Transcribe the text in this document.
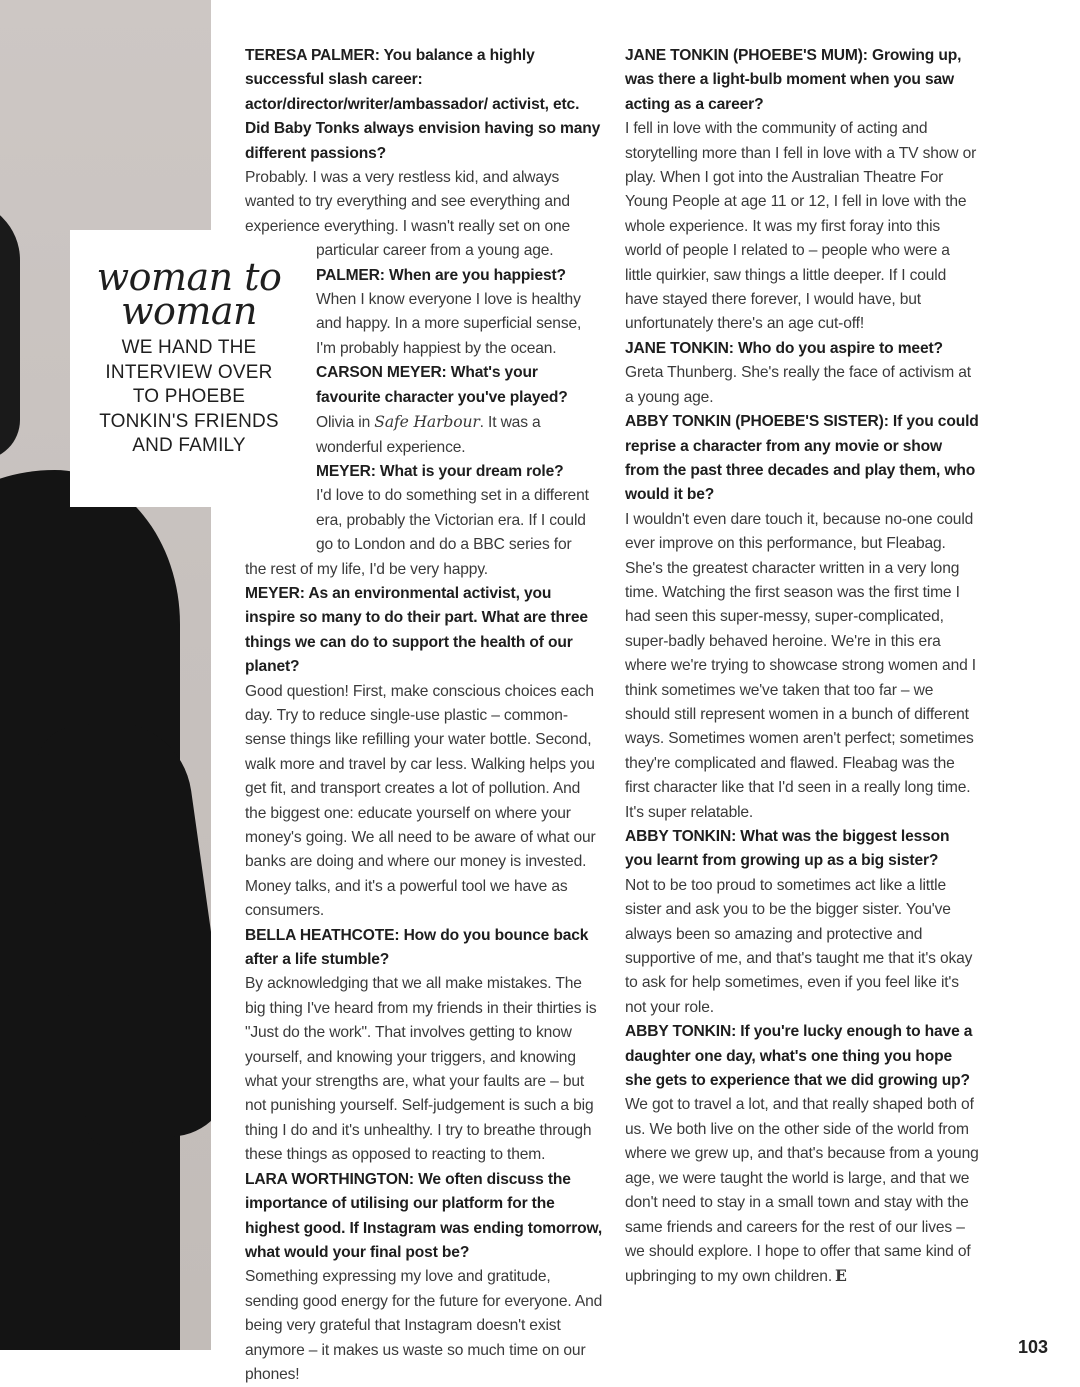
woman to woman

WE HAND THE INTERVIEW OVER TO PHOEBE TONKIN'S FRIENDS AND FAMILY

TERESA PALMER: You balance a highly successful slash career: actor/director/writer/ambassador/ activist, etc. Did Baby Tonks always envision having so many different passions?

Probably. I was a very restless kid, and always wanted to try everything and see everything and experience everything. I wasn't really set on one

particular career from a young age.

PALMER: When are you happiest?

When I know everyone I love is healthy and happy. In a more superficial sense, I'm probably happiest by the ocean.

CARSON MEYER: What's your favourite character you've played?

Olivia in Safe Harbour. It was a wonderful experience.

MEYER: What is your dream role?

I'd love to do something set in a different era, probably the Victorian era. If I could go to London and do a BBC series for

the rest of my life, I'd be very happy.

MEYER: As an environmental activist, you inspire so many to do their part. What are three things we can do to support the health of our planet?

Good question! First, make conscious choices each day. Try to reduce single-use plastic – common-sense things like refilling your water bottle. Second, walk more and travel by car less. Walking helps you get fit, and transport creates a lot of pollution. And the biggest one: educate yourself on where your money's going. We all need to be aware of what our banks are doing and where our money is invested. Money talks, and it's a powerful tool we have as consumers.

BELLA HEATHCOTE: How do you bounce back after a life stumble?

By acknowledging that we all make mistakes. The big thing I've heard from my friends in their thirties is "Just do the work". That involves getting to know yourself, and knowing your triggers, and knowing what your strengths are, what your faults are – but not punishing yourself. Self-judgement is such a big thing I do and it's unhealthy. I try to breathe through these things as opposed to reacting to them.

LARA WORTHINGTON: We often discuss the importance of utilising our platform for the highest good. If Instagram was ending tomorrow, what would your final post be?

Something expressing my love and gratitude, sending good energy for the future for everyone. And being very grateful that Instagram doesn't exist anymore – it makes us waste so much time on our phones!

JANE TONKIN (PHOEBE'S MUM): Growing up, was there a light-bulb moment when you saw acting as a career?

I fell in love with the community of acting and storytelling more than I fell in love with a TV show or play. When I got into the Australian Theatre For Young People at age 11 or 12, I fell in love with the whole experience. It was my first foray into this world of people I related to – people who were a little quirkier, saw things a little deeper. If I could have stayed there forever, I would have, but unfortunately there's an age cut-off!

JANE TONKIN: Who do you aspire to meet?

Greta Thunberg. She's really the face of activism at a young age.

ABBY TONKIN (PHOEBE'S SISTER): If you could reprise a character from any movie or show from the past three decades and play them, who would it be?

I wouldn't even dare touch it, because no-one could ever improve on this performance, but Fleabag. She's the greatest character written in a very long time. Watching the first season was the first time I had seen this super-messy, super-complicated, super-badly behaved heroine. We're in this era where we're trying to showcase strong women and I think sometimes we've taken that too far – we should still represent women in a bunch of different ways. Sometimes women aren't perfect; sometimes they're complicated and flawed. Fleabag was the first character like that I'd seen in a really long time. It's super relatable.

ABBY TONKIN: What was the biggest lesson you learnt from growing up as a big sister?

Not to be too proud to sometimes act like a little sister and ask you to be the bigger sister. You've always been so amazing and protective and supportive of me, and that's taught me that it's okay to ask for help sometimes, even if you feel like it's not your role.

ABBY TONKIN: If you're lucky enough to have a daughter one day, what's one thing you hope she gets to experience that we did growing up?

We got to travel a lot, and that really shaped both of us. We both live on the other side of the world from where we grew up, and that's because from a young age, we were taught the world is large, and that we don't need to stay in a small town and stay with the same friends and careers for the rest of our lives – we should explore. I hope to offer that same kind of upbringing to my own children. E

103
